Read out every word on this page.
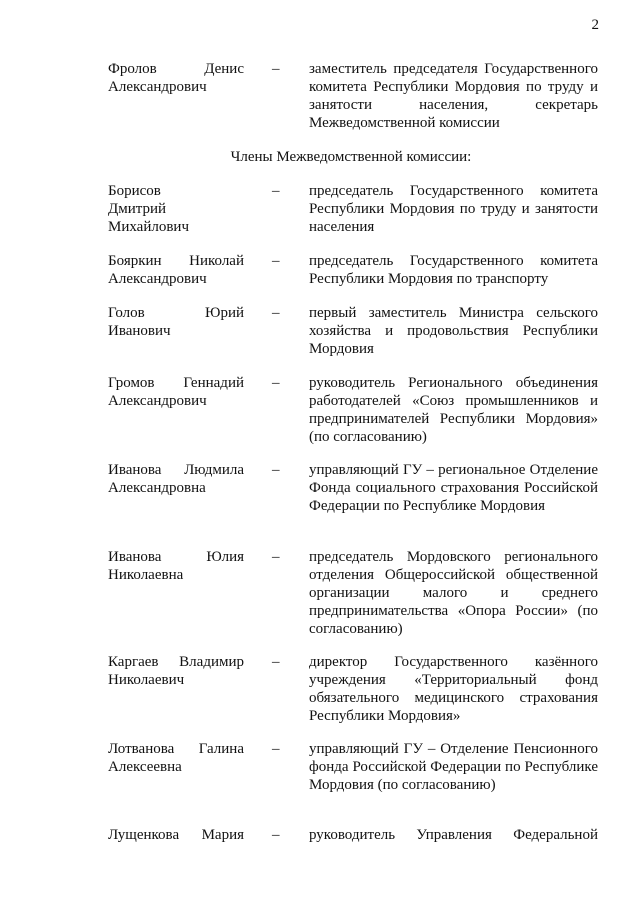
2
Фролов Денис
Александрович
– заместитель председателя Государственного комитета Республики Мордовия по труду и занятости населения, секретарь Межведомственной комиссии
Члены Межведомственной комиссии:
Борисов
Дмитрий
Михайлович
– председатель Государственного комитета Республики Мордовия по труду и занятости населения
Бояркин Николай
Александрович
– председатель Государственного комитета Республики Мордовия по транспорту
Голов Юрий
Иванович
– первый заместитель Министра сельского хозяйства и продовольствия Республики Мордовия
Громов Геннадий
Александрович
– руководитель Регионального объединения работодателей «Союз промышленников и предпринимателей Республики Мордовия» (по согласованию)
Иванова Людмила
Александровна
– управляющий ГУ – региональное Отделение Фонда социального страхования Российской Федерации по Республике Мордовия
Иванова Юлия
Николаевна
– председатель Мордовского регионального отделения Общероссийской общественной организации малого и среднего предпринимательства «Опора России» (по согласованию)
Каргаев Владимир
Николаевич
– директор Государственного казённого учреждения «Территориальный фонд обязательного медицинского страхования Республики Мордовия»
Лотванова Галина
Алексеевна
– управляющий ГУ – Отделение Пенсионного фонда Российской Федерации по Республике Мордовия (по согласованию)
Лущенкова Мария – руководитель Управления Федеральной
